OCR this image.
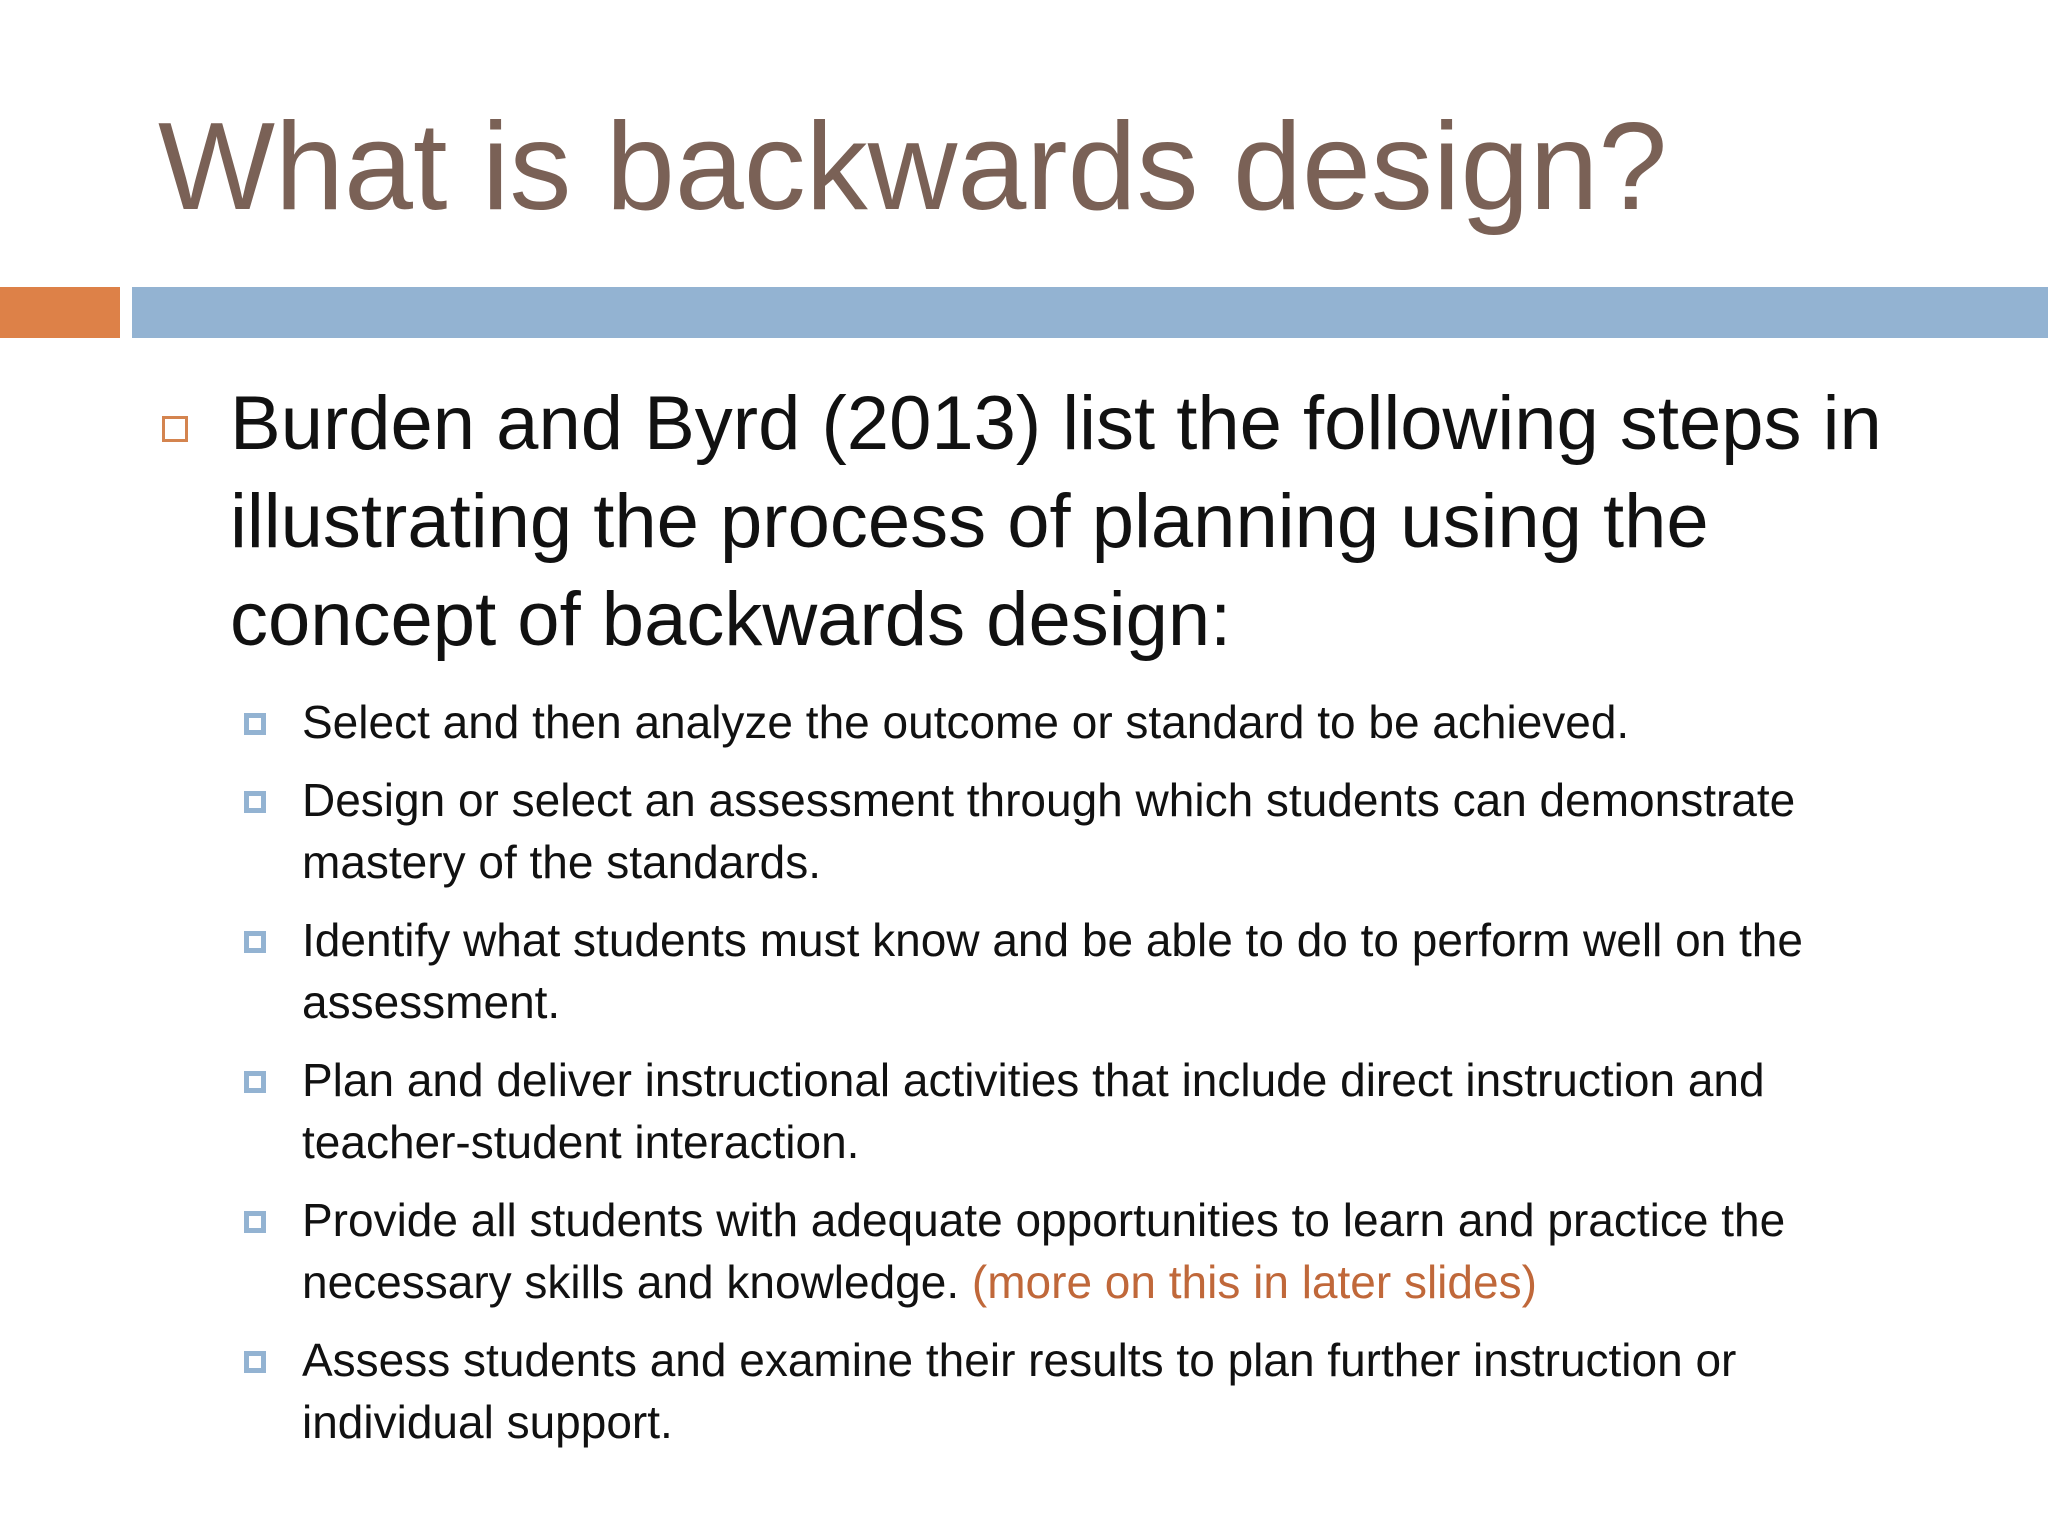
What is backwards design?
Burden and Byrd (2013) list the following steps in illustrating the process of planning using the concept of backwards design:
Select and then analyze the outcome or standard to be achieved.
Design or select an assessment through which students can demonstrate mastery of the standards.
Identify what students must know and be able to do to perform well on the assessment.
Plan and deliver instructional activities that include direct instruction and teacher-student interaction.
Provide all students with adequate opportunities to learn and practice the necessary skills and knowledge. (more on this in later slides)
Assess students and examine their results to plan further instruction or individual support.
